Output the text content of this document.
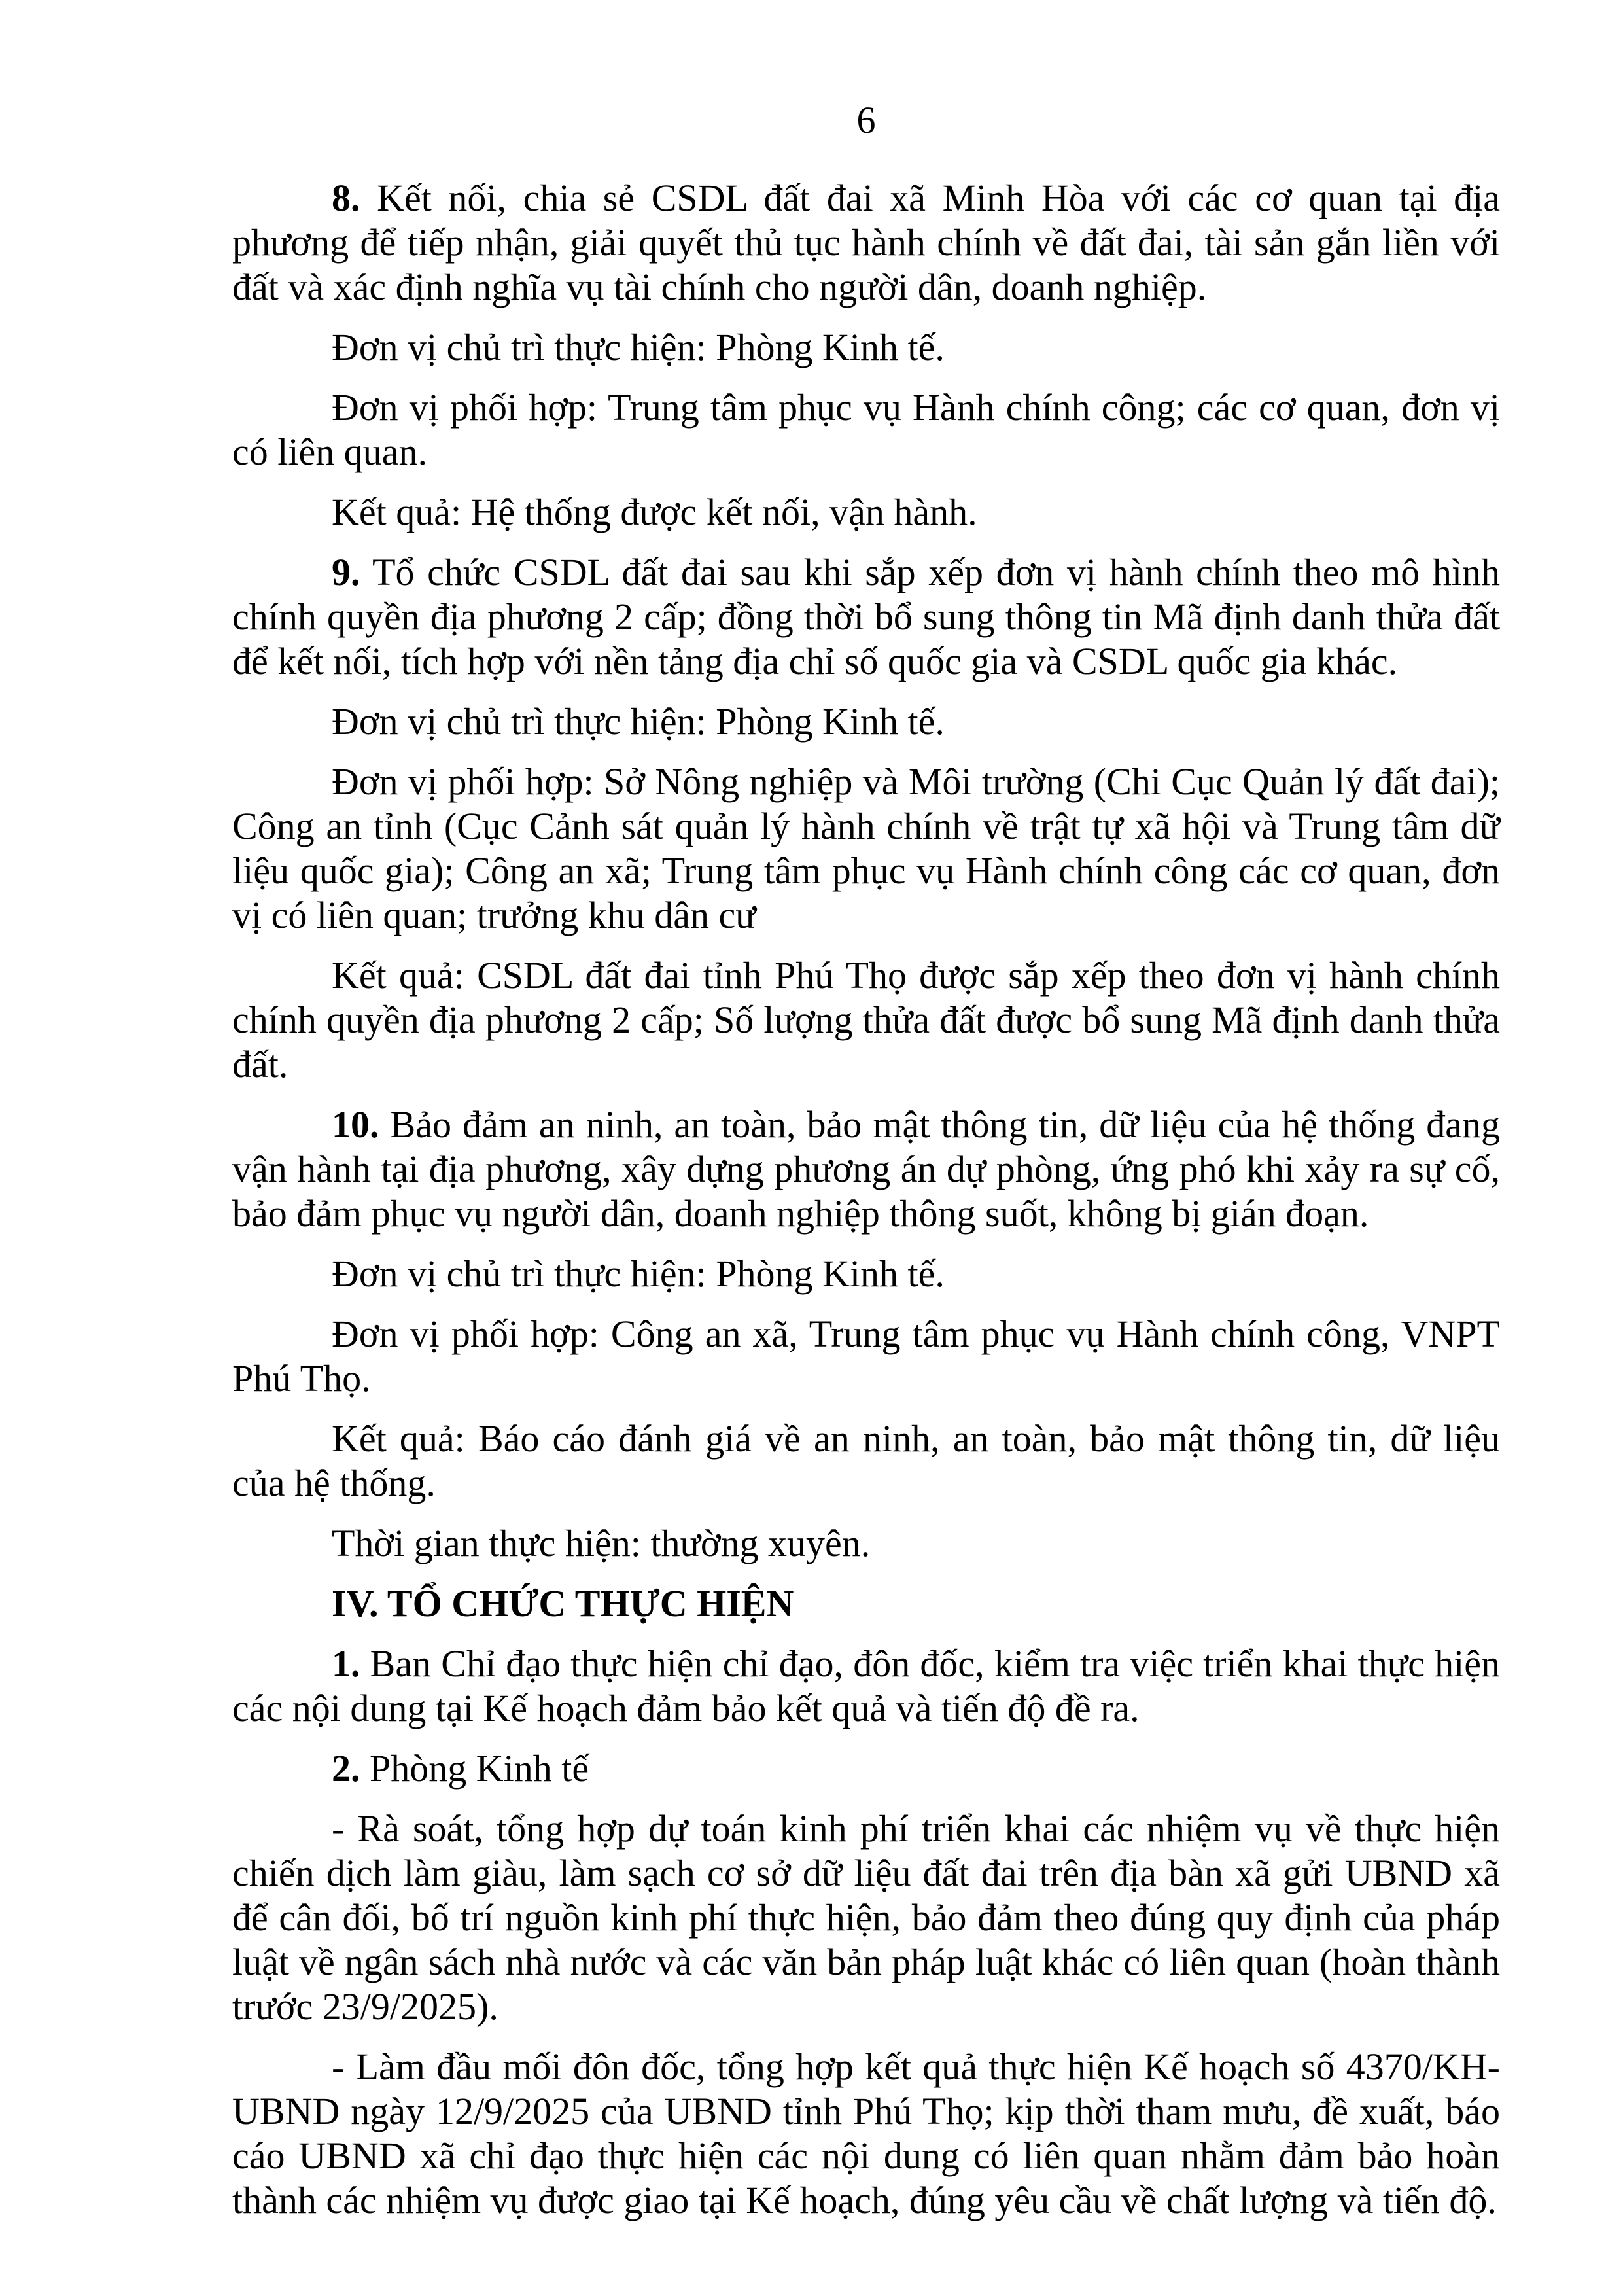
6

8. Kết nối, chia sẻ CSDL đất đai xã Minh Hòa với các cơ quan tại địa phương để tiếp nhận, giải quyết thủ tục hành chính về đất đai, tài sản gắn liền với đất và xác định nghĩa vụ tài chính cho người dân, doanh nghiệp.

Đơn vị chủ trì thực hiện: Phòng Kinh tế.

Đơn vị phối hợp: Trung tâm phục vụ Hành chính công; các cơ quan, đơn vị có liên quan.

Kết quả: Hệ thống được kết nối, vận hành.

9. Tổ chức CSDL đất đai sau khi sắp xếp đơn vị hành chính theo mô hình chính quyền địa phương 2 cấp; đồng thời bổ sung thông tin Mã định danh thửa đất để kết nối, tích hợp với nền tảng địa chỉ số quốc gia và CSDL quốc gia khác.

Đơn vị chủ trì thực hiện: Phòng Kinh tế.

Đơn vị phối hợp: Sở Nông nghiệp và Môi trường (Chi Cục Quản lý đất đai); Công an tỉnh (Cục Cảnh sát quản lý hành chính về trật tự xã hội và Trung tâm dữ liệu quốc gia); Công an xã; Trung tâm phục vụ Hành chính công các cơ quan, đơn vị có liên quan; trưởng khu dân cư

Kết quả: CSDL đất đai tỉnh Phú Thọ được sắp xếp theo đơn vị hành chính chính quyền địa phương 2 cấp; Số lượng thửa đất được bổ sung Mã định danh thửa đất.

10. Bảo đảm an ninh, an toàn, bảo mật thông tin, dữ liệu của hệ thống đang vận hành tại địa phương, xây dựng phương án dự phòng, ứng phó khi xảy ra sự cố, bảo đảm phục vụ người dân, doanh nghiệp thông suốt, không bị gián đoạn.

Đơn vị chủ trì thực hiện: Phòng Kinh tế.

Đơn vị phối hợp: Công an xã, Trung tâm phục vụ Hành chính công, VNPT Phú Thọ.

Kết quả: Báo cáo đánh giá về an ninh, an toàn, bảo mật thông tin, dữ liệu của hệ thống.

Thời gian thực hiện: thường xuyên.

IV. TỔ CHỨC THỰC HIỆN

1. Ban Chỉ đạo thực hiện chỉ đạo, đôn đốc, kiểm tra việc triển khai thực hiện các nội dung tại Kế hoạch đảm bảo kết quả và tiến độ đề ra.

2. Phòng Kinh tế

- Rà soát, tổng hợp dự toán kinh phí triển khai các nhiệm vụ về thực hiện chiến dịch làm giàu, làm sạch cơ sở dữ liệu đất đai trên địa bàn xã gửi UBND xã để cân đối, bố trí nguồn kinh phí thực hiện, bảo đảm theo đúng quy định của pháp luật về ngân sách nhà nước và các văn bản pháp luật khác có liên quan (hoàn thành trước 23/9/2025).

- Làm đầu mối đôn đốc, tổng hợp kết quả thực hiện Kế hoạch số 4370/KH-UBND ngày 12/9/2025 của UBND tỉnh Phú Thọ; kịp thời tham mưu, đề xuất, báo cáo UBND xã chỉ đạo thực hiện các nội dung có liên quan nhằm đảm bảo hoàn thành các nhiệm vụ được giao tại Kế hoạch, đúng yêu cầu về chất lượng và tiến độ.
